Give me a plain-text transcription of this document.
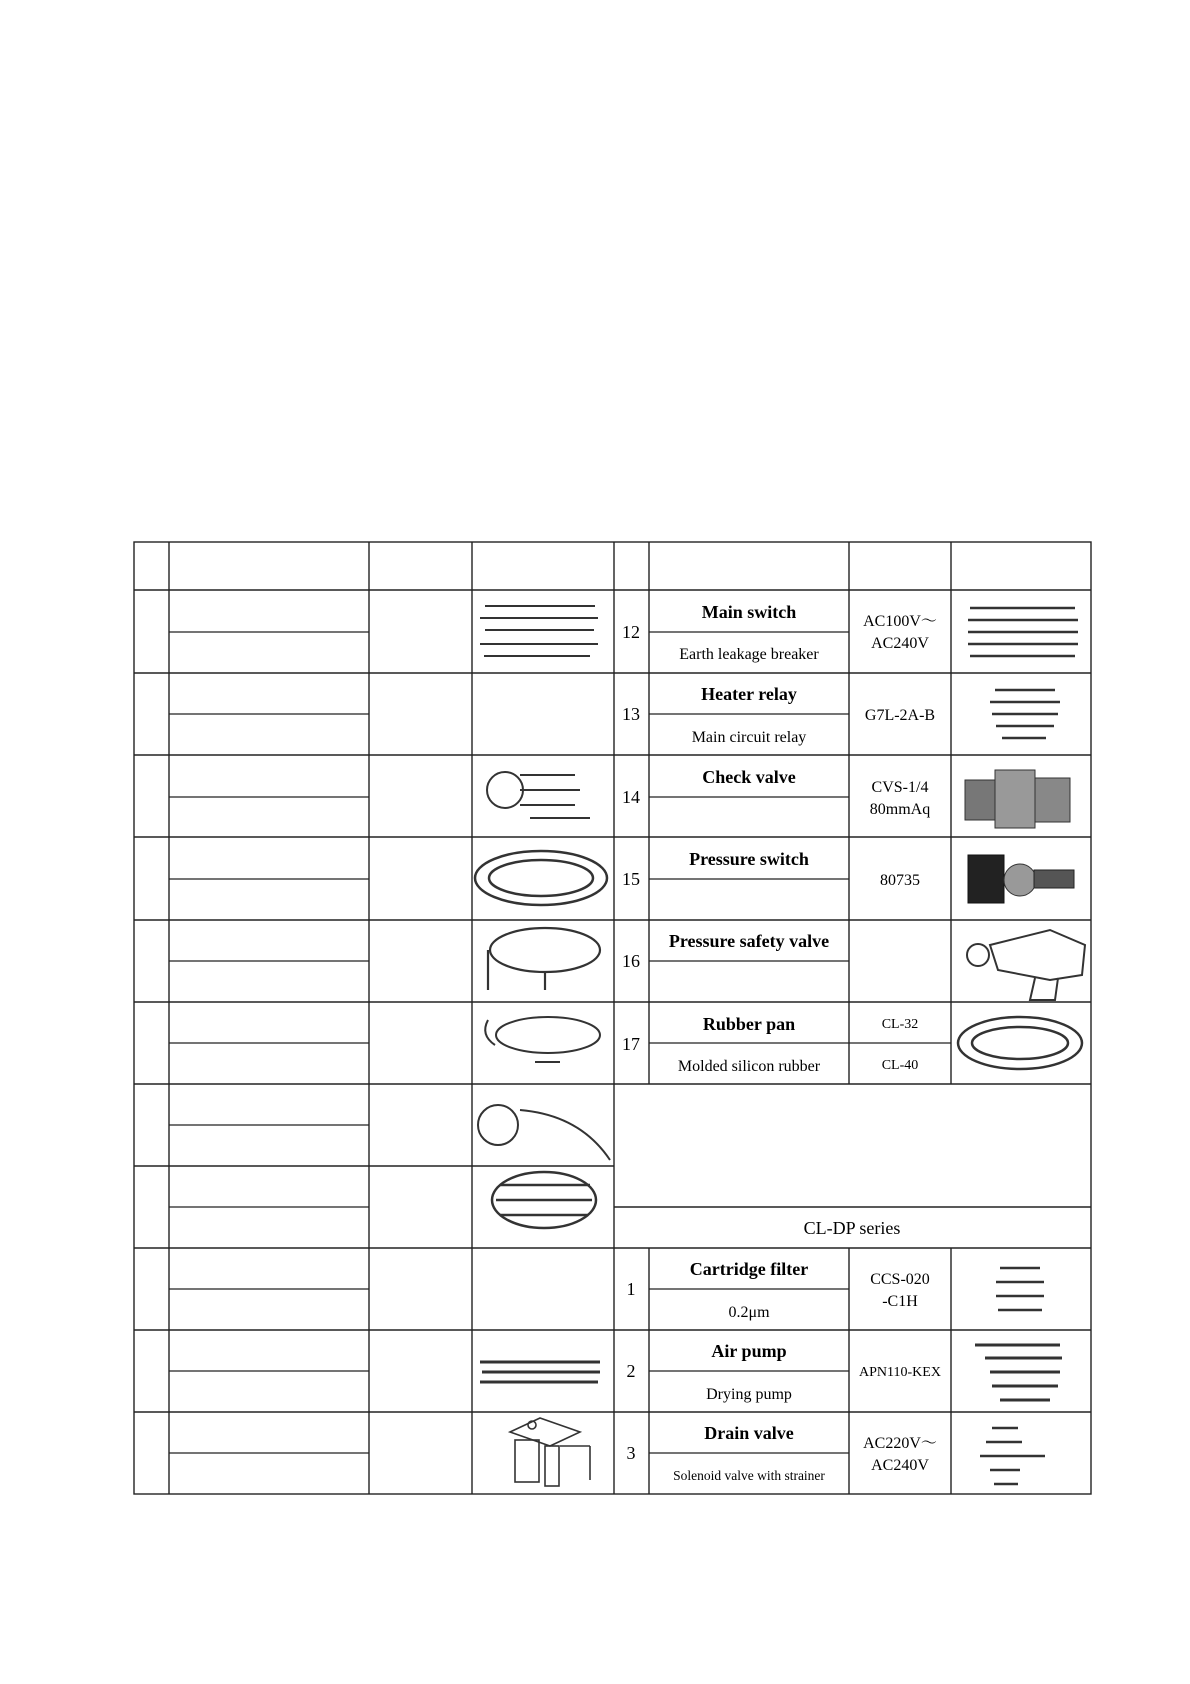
12
Main switch
Earth leakage breaker
AC100V～
AC240V
13
Heater relay
Main circuit relay
G7L-2A-B
14
Check valve
CVS-1/4
80mmAq
15
Pressure switch
80735
16
Pressure safety valve
17
Rubber pan
Molded silicon rubber
CL-32
CL-40
CL-DP series
1
Cartridge filter
0.2μm
CCS-020
-C1H
2
Air pump
Drying pump
APN110-KEX
3
Drain valve
Solenoid valve with strainer
AC220V～
AC240V
